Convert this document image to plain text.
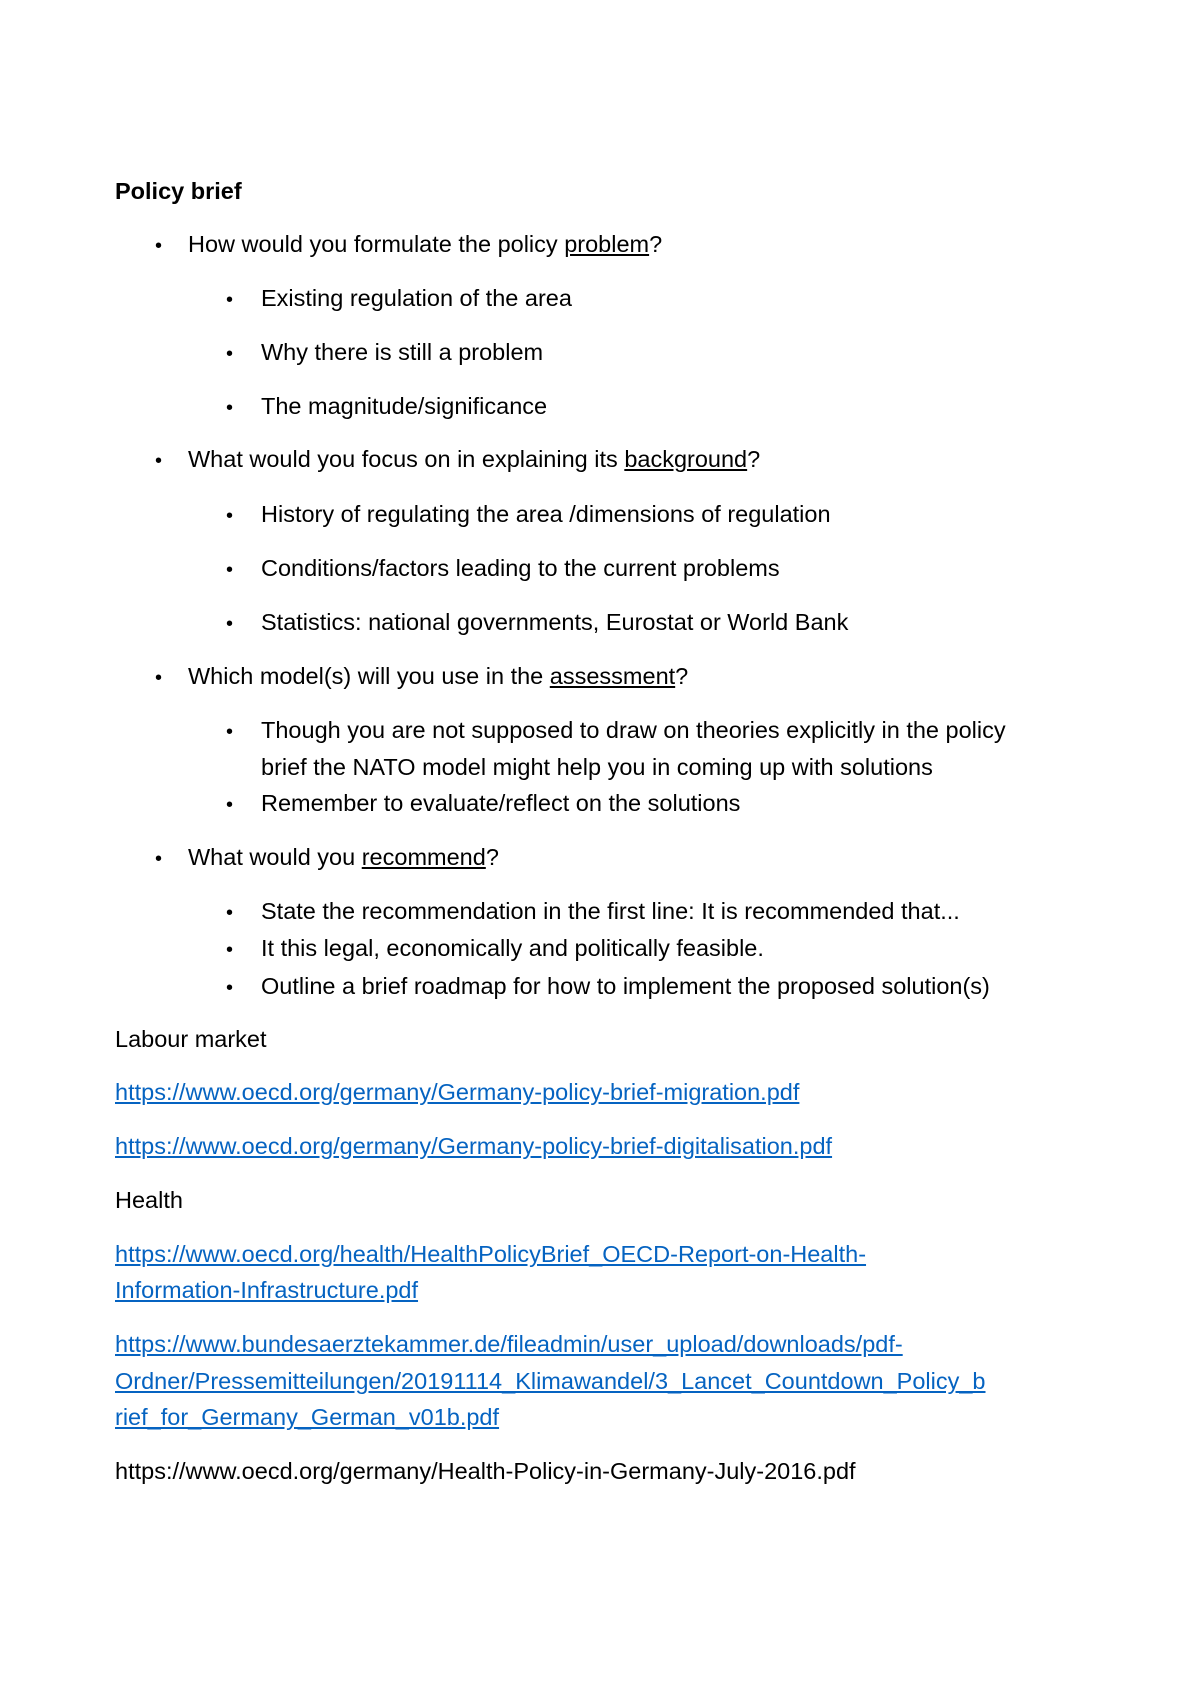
Policy brief
• How would you formulate the policy problem?
• Existing regulation of the area
• Why there is still a problem
• The magnitude/significance
• What would you focus on in explaining its background?
• History of regulating the area /dimensions of regulation
• Conditions/factors leading to the current problems
• Statistics: national governments, Eurostat or World Bank
• Which model(s) will you use in the assessment?
• Though you are not supposed to draw on theories explicitly in the policy
brief the NATO model might help you in coming up with solutions
• Remember to evaluate/reflect on the solutions
• What would you recommend?
• State the recommendation in the first line: It is recommended that...
• It this legal, economically and politically feasible.
• Outline a brief roadmap for how to implement the proposed solution(s)
Labour market
https://www.oecd.org/germany/Germany-policy-brief-migration.pdf
https://www.oecd.org/germany/Germany-policy-brief-digitalisation.pdf
Health
https://www.oecd.org/health/HealthPolicyBrief_OECD-Report-on-Health-
Information-Infrastructure.pdf
https://www.bundesaerztekammer.de/fileadmin/user_upload/downloads/pdf-
Ordner/Pressemitteilungen/20191114_Klimawandel/3_Lancet_Countdown_Policy_b
rief_for_Germany_German_v01b.pdf
https://www.oecd.org/germany/Health-Policy-in-Germany-July-2016.pdf
